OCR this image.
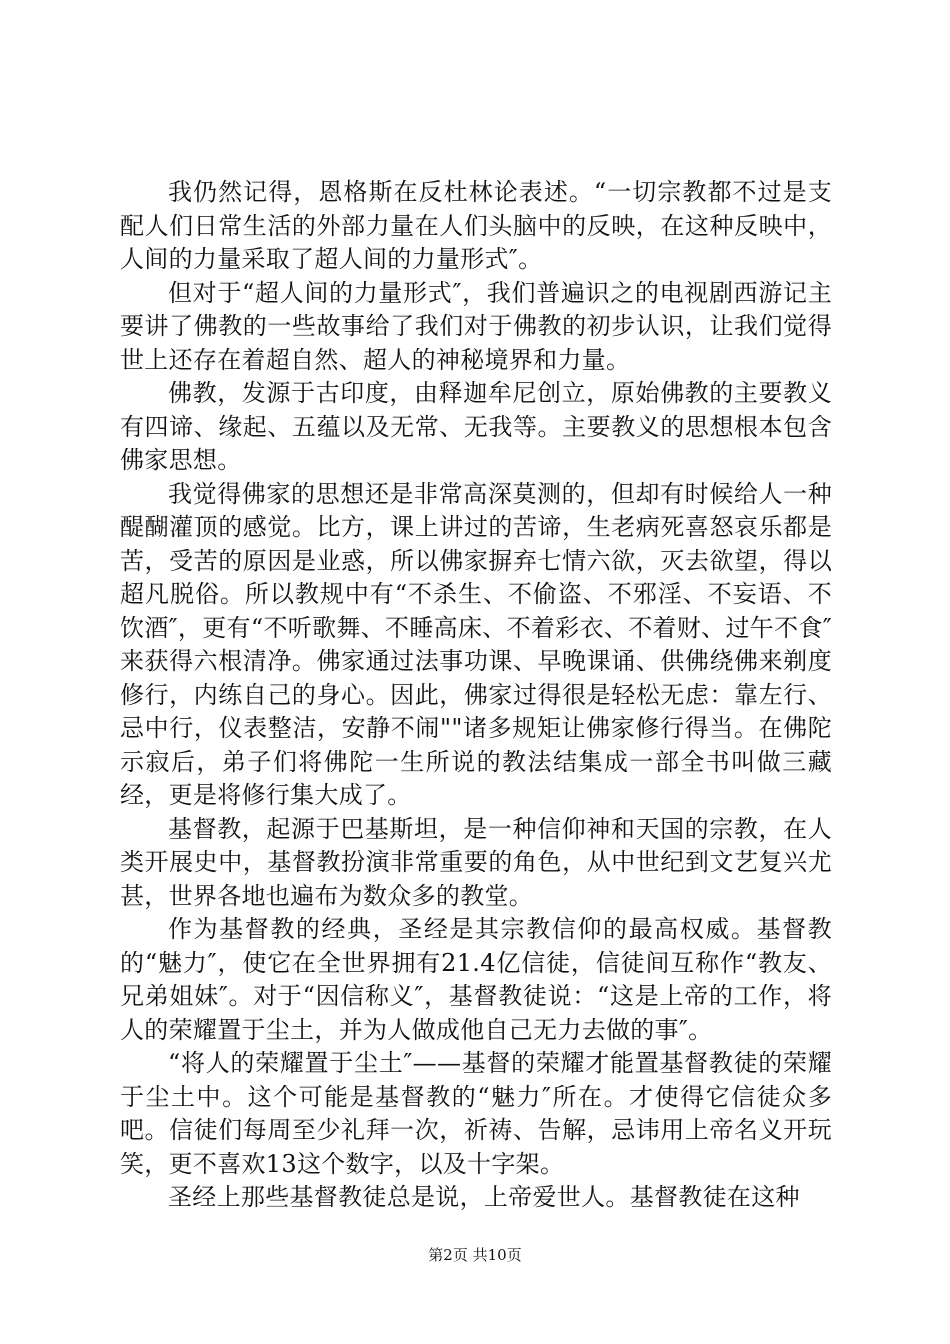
我仍然记得，恩格斯在反杜林论表述。“一切宗教都不过是支配人们日常生活的外部力量在人们头脑中的反映，在这种反映中，人间的力量采取了超人间的力量形式″。

但对于“超人间的力量形式″，我们普遍识之的电视剧西游记主要讲了佛教的一些故事给了我们对于佛教的初步认识，让我们觉得世上还存在着超自然、超人的神秘境界和力量。

佛教，发源于古印度，由释迦牟尼创立，原始佛教的主要教义有四谛、缘起、五蕴以及无常、无我等。主要教义的思想根本包含佛家思想。

我觉得佛家的思想还是非常高深莫测的，但却有时候给人一种醍醐灌顶的感觉。比方，课上讲过的苦谛，生老病死喜怒哀乐都是苦，受苦的原因是业惑，所以佛家摒弃七情六欲，灭去欲望，得以超凡脱俗。所以教规中有“不杀生、不偷盗、不邪淫、不妄语、不饮酒″，更有“不听歌舞、不睡高床、不着彩衣、不着财、过午不食″来获得六根清净。佛家通过法事功课、早晚课诵、供佛绕佛来剃度修行，内练自己的身心。因此，佛家过得很是轻松无虑：靠左行、忌中行，仪表整洁，安静不闹""诸多规矩让佛家修行得当。在佛陀示寂后，弟子们将佛陀一生所说的教法结集成一部全书叫做三藏经，更是将修行集大成了。

基督教，起源于巴基斯坦，是一种信仰神和天国的宗教，在人类开展史中，基督教扮演非常重要的角色，从中世纪到文艺复兴尤甚，世界各地也遍布为数众多的教堂。

作为基督教的经典，圣经是其宗教信仰的最高权威。基督教的“魅力″，使它在全世界拥有21.4亿信徒，信徒间互称作“教友、兄弟姐妹″。对于“因信称义″，基督教徒说：“这是上帝的工作，将人的荣耀置于尘土，并为人做成他自己无力去做的事″。

“将人的荣耀置于尘土″——基督的荣耀才能置基督教徒的荣耀于尘土中。这个可能是基督教的“魅力″所在。才使得它信徒众多吧。信徒们每周至少礼拜一次，祈祷、告解，忌讳用上帝名义开玩笑，更不喜欢13这个数字，以及十字架。

圣经上那些基督教徒总是说，上帝爱世人。基督教徒在这种

第2页 共10页
